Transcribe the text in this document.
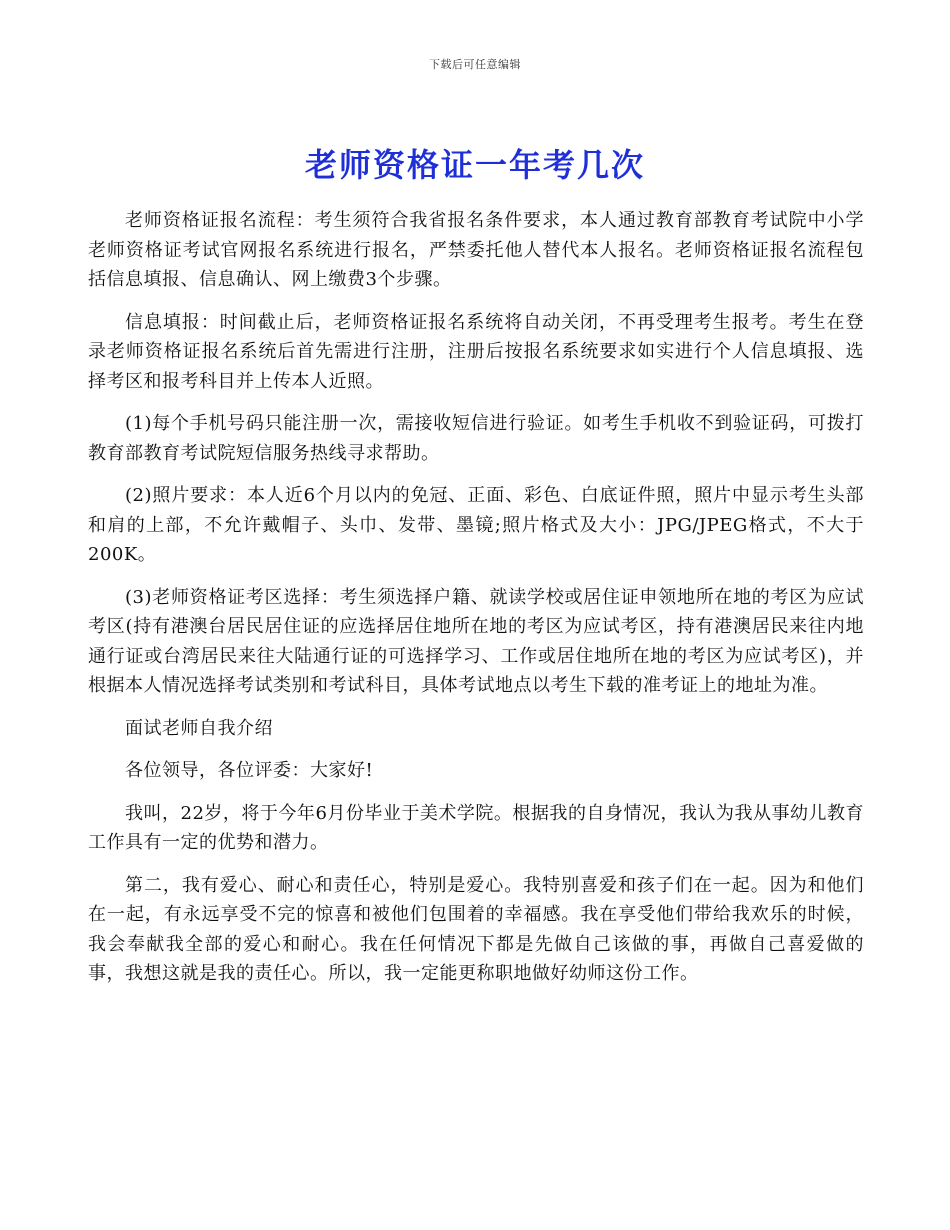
下载后可任意编辑
老师资格证一年考几次

老师资格证报名流程：考生须符合我省报名条件要求，本人通过教育部教育考试院中小学老师资格证考试官网报名系统进行报名，严禁委托他人替代本人报名。老师资格证报名流程包括信息填报、信息确认、网上缴费3个步骤。

信息填报：时间截止后，老师资格证报名系统将自动关闭，不再受理考生报考。考生在登录老师资格证报名系统后首先需进行注册，注册后按报名系统要求如实进行个人信息填报、选择考区和报考科目并上传本人近照。

(1)每个手机号码只能注册一次，需接收短信进行验证。如考生手机收不到验证码，可拨打教育部教育考试院短信服务热线寻求帮助。

(2)照片要求：本人近6个月以内的免冠、正面、彩色、白底证件照，照片中显示考生头部和肩的上部，不允许戴帽子、头巾、发带、墨镜;照片格式及大小：JPG/JPEG格式，不大于200K。

(3)老师资格证考区选择：考生须选择户籍、就读学校或居住证申领地所在地的考区为应试考区(持有港澳台居民居住证的应选择居住地所在地的考区为应试考区，持有港澳居民来往内地通行证或台湾居民来往大陆通行证的可选择学习、工作或居住地所在地的考区为应试考区)，并根据本人情况选择考试类别和考试科目，具体考试地点以考生下载的准考证上的地址为准。

面试老师自我介绍

各位领导，各位评委：大家好!

我叫，22岁，将于今年6月份毕业于美术学院。根据我的自身情况，我认为我从事幼儿教育工作具有一定的优势和潜力。

第二，我有爱心、耐心和责任心，特别是爱心。我特别喜爱和孩子们在一起。因为和他们在一起，有永远享受不完的惊喜和被他们包围着的幸福感。我在享受他们带给我欢乐的时候，我会奉献我全部的爱心和耐心。我在任何情况下都是先做自己该做的事，再做自己喜爱做的事，我想这就是我的责任心。所以，我一定能更称职地做好幼师这份工作。
